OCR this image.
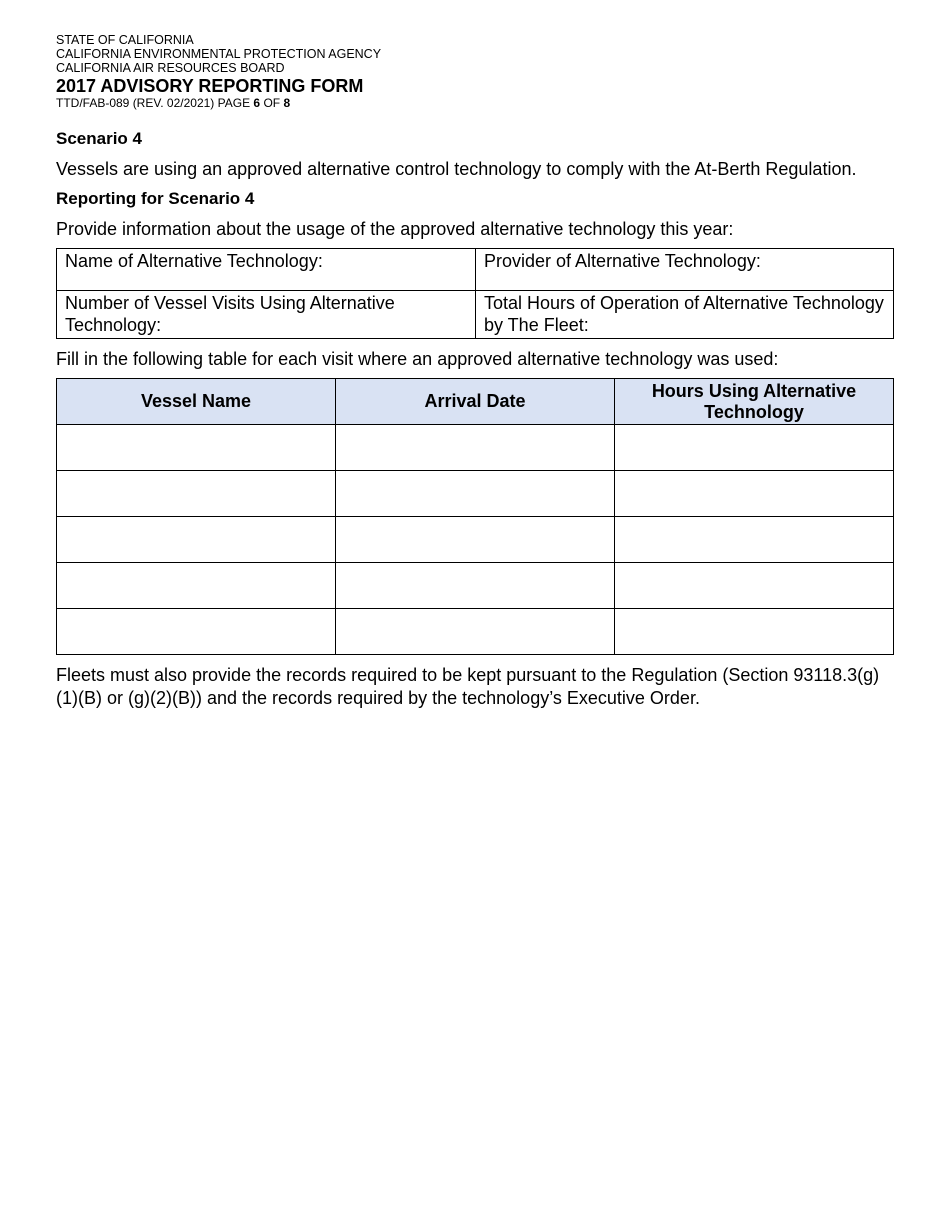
STATE OF CALIFORNIA

CALIFORNIA ENVIRONMENTAL PROTECTION AGENCY

CALIFORNIA AIR RESOURCES BOARD

2017 ADVISORY REPORTING FORM
TTD/FAB-089 (REV. 02/2021) PAGE 6 OF 8
Scenario 4
Vessels are using an approved alternative control technology to comply with the At-Berth Regulation.
Reporting for Scenario 4
Provide information about the usage of the approved alternative technology this year:
Name of Alternative Technology:	Provider of Alternative Technology:
Number of Vessel Visits Using Alternative Technology:	Total Hours of Operation of Alternative Technology by The Fleet:
Fill in the following table for each visit where an approved alternative technology was used:
Vessel Name	Arrival Date	Hours Using Alternative Technology

Fleets must also provide the records required to be kept pursuant to the Regulation (Section 93118.3(g)(1)(B) or (g)(2)(B)) and the records required by the technology’s Executive Order.
